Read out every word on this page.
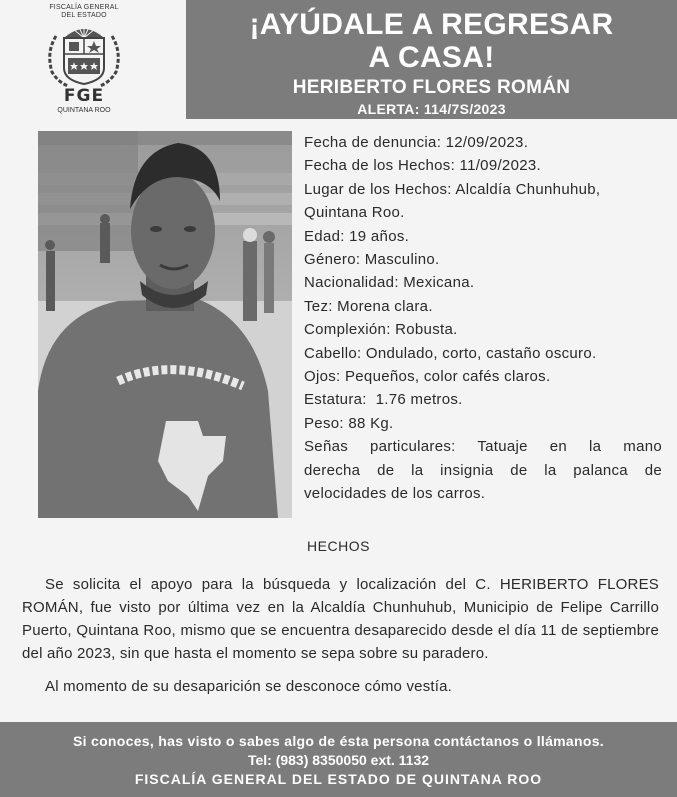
FISCALÍA GENERAL
DEL ESTADO
FGE
QUINTANA ROO
¡AYÚDALE A REGRESAR
A CASA!
HERIBERTO FLORES ROMÁN
ALERTA: 114/7S/2023
Fecha de denuncia: 12/09/2023.
Fecha de los Hechos: 11/09/2023.
Lugar de los Hechos: Alcaldía Chunhuhub,
Quintana Roo.
Edad: 19 años.
Género: Masculino.
Nacionalidad: Mexicana.
Tez: Morena clara.
Complexión: Robusta.
Cabello: Ondulado, corto, castaño oscuro.
Ojos: Pequeños, color cafés claros.
Estatura:  1.76 metros.
Peso: 88 Kg.
Señas particulares: Tatuaje en la mano
derecha de la insignia de la palanca de
velocidades de los carros.
HECHOS

Se solicita el apoyo para la búsqueda y localización del C. HERIBERTO FLORES ROMÁN, fue visto por última vez en la Alcaldía Chunhuhub, Municipio de Felipe Carrillo Puerto, Quintana Roo, mismo que se encuentra desaparecido desde el día 11 de septiembre del año 2023, sin que hasta el momento se sepa sobre su paradero.

Al momento de su desaparición se desconoce cómo vestía.

Si conoces, has visto o sabes algo de ésta persona contáctanos o llámanos.
Tel: (983) 8350050 ext. 1132
FISCALÍA GENERAL DEL ESTADO DE QUINTANA ROO
